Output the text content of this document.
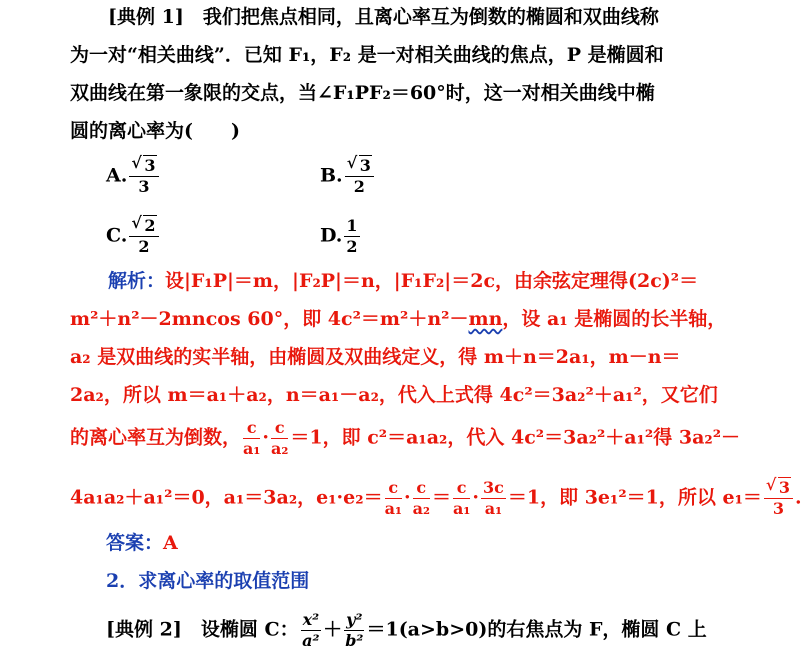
[典例 1]　 我们把焦点相同，且离心率互为倒数的椭圆和双曲线称
为一对“相关曲线”．已知 F₁，F₂ 是一对相关曲线的焦点，P 是椭圆和
双曲线在第一象限的交点，当∠F₁PF₂＝60°时，这一对相关曲线中椭
圆的离心率为(　　)
A. $\frac{√ 3}{3}$	B. $\frac{√ 3}{2}$
C. $\frac{√ 2}{2}$	D. $\frac{1}{2}$
解析：设|F₁P|＝m，|F₂P|＝n，|F₁F₂|＝2c，由余弦定理得(2c)²＝
m²＋n²－2mncos 60°，即 4c²＝m²＋n²－mn，设 a₁ 是椭圆的长半轴，
a₂ 是双曲线的实半轴，由椭圆及双曲线定义，得 m＋n＝2a₁，m－n＝
2a₂，所以 m＝a₁＋a₂，n＝a₁－a₂，代入上式得 4c²＝3a₂²＋a₁²，又它们
的离心率互为倒数， $\frac{c}{\text{a₁}} \cdot \frac{c}{\text{a₂}} =1$，即 c²＝a₁a₂，代入 4c²＝3a₂²＋a₁²得 3a₂²－
4a₁a₂＋a₁²＝0，a₁＝3a₂，$e_1\cdot e_2= \frac{c}{\text{a₁}} \cdot \frac{c}{\text{a₂}} = \frac{c}{\text{a₁}} \cdot \frac{3c}{\text{a₁}} =1$，即 3e₁²＝1，所以 $e_1= \frac{√ 3}{3}$ .
答案：A
2．求离心率的取值范围
[典例 2]　 设椭圆 C： $\frac{\text{x²}}{\text{a²}} + \frac{\text{y²}}{\text{b²}} =1(a>b>0)$的右焦点为 F，椭圆 C 上
